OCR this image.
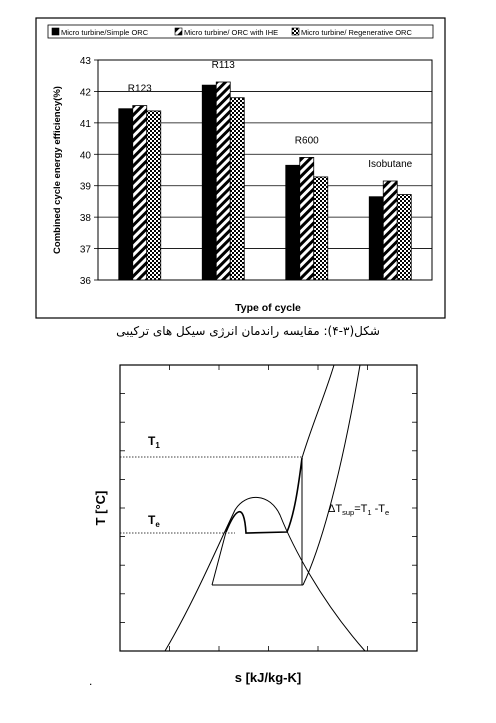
36
37
38
39
40
41
42
43
R123
R113
R600
Isobutane
Micro turbine/Simple ORC	Micro turbine/ ORC with IHE	Micro turbine/ Regenerative ORC
Combined cycle energy efficiency(%)
Type of cycle
شکل(۳-۴): مقایسه راندمان انرژی سیکل های ترکیبی
$T_1$
$T_e$
$\Delta T_{sup}=T_1$ $-T_e$
T [°C]
s [kJ/kg-K]
.
